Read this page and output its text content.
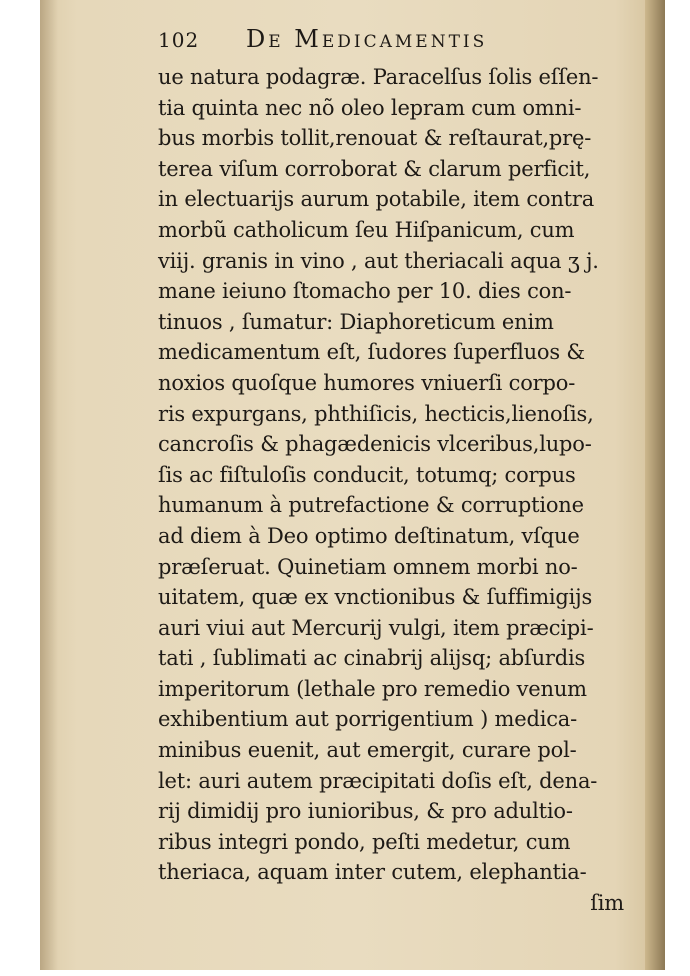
102 De Medicamentis
ue natura podagræ. Paracelſus ſolis eſſen-
tia quinta nec nõ oleo lepram cum omni-
bus morbis tollit,renouat & reſtaurat,prę-
terea viſum corroborat & clarum perficit,
in electuarijs aurum potabile, item contra
morbũ catholicum ſeu Hiſpanicum, cum
viij. granis in vino , aut theriacali aqua ʒ j.
mane ieiuno ſtomacho per 10. dies con-
tinuos , ſumatur: Diaphoreticum enim
medicamentum eſt, ſudores ſuperfluos &
noxios quoſque humores vniuerſi corpo-
ris expurgans, phthiſicis, hecticis,lienoſis,
cancroſis & phagædenicis vlceribus,lupo-
ſis ac fiſtuloſis conducit, totumq; corpus
humanum à putrefactione & corruptione
ad diem à Deo optimo deſtinatum, vſque
præſeruat. Quinetiam omnem morbi no-
uitatem, quæ ex vnctionibus & ſuffimigijs
auri viui aut Mercurij vulgi, item præcipi-
tati , ſublimati ac cinabrij alijsq; abſurdis
imperitorum (lethale pro remedio venum
exhibentium aut porrigentium ) medica-
minibus euenit, aut emergit, curare pol-
let: auri autem præcipitati doſis eſt, dena-
rij dimidij pro iunioribus, & pro adultio-
ribus integri pondo, peſti medetur, cum
theriaca, aquam inter cutem, elephantia-
ſim
